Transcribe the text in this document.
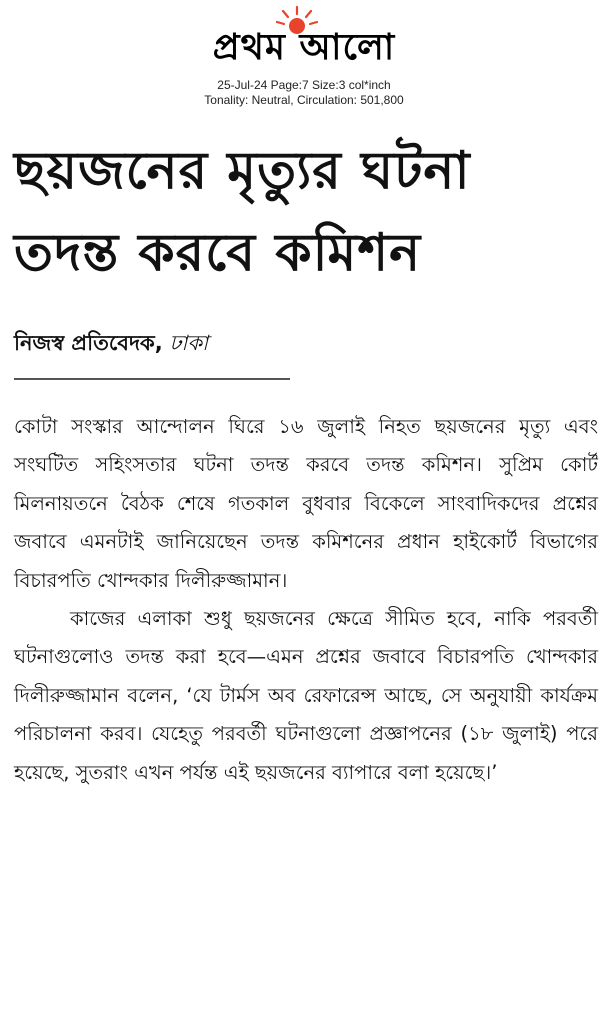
প্রথম আলো
25-Jul-24 Page:7 Size:3 col*inch
Tonality: Neutral, Circulation: 501,800
ছয়জনের মৃত্যুর ঘটনা
তদন্ত করবে কমিশন
নিজস্ব প্রতিবেদক, ঢাকা

কোটা সংস্কার আন্দোলন ঘিরে ১৬ জুলাই নিহত ছয়জনের মৃত্যু এবং সংঘটিত সহিংসতার ঘটনা তদন্ত করবে তদন্ত কমিশন। সুপ্রিম কোর্ট মিলনায়তনে বৈঠক শেষে গতকাল বুধবার বিকেলে সাংবাদিকদের প্রশ্নের জবাবে এমনটাই জানিয়েছেন তদন্ত কমিশনের প্রধান হাইকোর্ট বিভাগের বিচারপতি খোন্দকার দিলীরুজ্জামান।

কাজের এলাকা শুধু ছয়জনের ক্ষেত্রে সীমিত হবে, নাকি পরবর্তী ঘটনাগুলোও তদন্ত করা হবে—এমন প্রশ্নের জবাবে বিচারপতি খোন্দকার দিলীরুজ্জামান বলেন, ‘যে টার্মস অব রেফারেন্স আছে, সে অনুযায়ী কার্যক্রম পরিচালনা করব। যেহেতু পরবর্তী ঘটনাগুলো প্রজ্ঞাপনের (১৮ জুলাই) পরে হয়েছে, সুতরাং এখন পর্যন্ত এই ছয়জনের ব্যাপারে বলা হয়েছে।’
